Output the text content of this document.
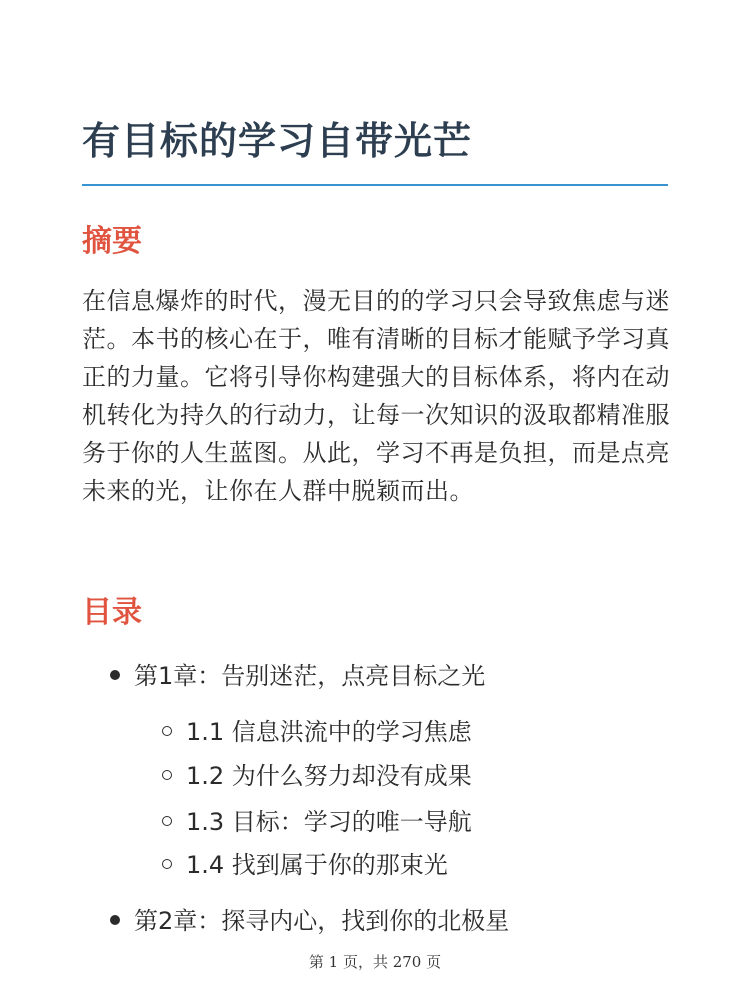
有目标的学习自带光芒
摘要

在信息爆炸的时代，漫无目的的学习只会导致焦虑与迷茫。本书的核心在于，唯有清晰的目标才能赋予学习真正的力量。它将引导你构建强大的目标体系，将内在动机转化为持久的行动力，让每一次知识的汲取都精准服务于你的人生蓝图。从此，学习不再是负担，而是点亮未来的光，让你在人群中脱颖而出。

目录
第1章：告别迷茫，点亮目标之光
1.1 信息洪流中的学习焦虑
1.2 为什么努力却没有成果
1.3 目标：学习的唯一导航
1.4 找到属于你的那束光
第2章：探寻内心，找到你的北极星
第 1 页，共 270 页
